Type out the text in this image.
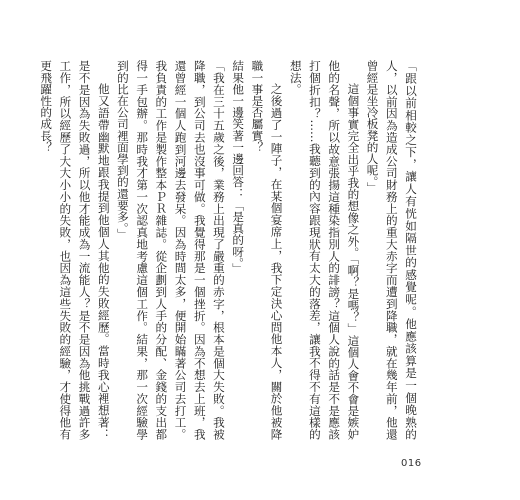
「跟以前相較之下，讓人有恍如隔世的感覺呢。他應該算是一個晚熟的人，以前因為造成公司財務上的重大赤字而遭到降職，就在幾年前，他還曾經是坐冷板凳的人呢。」

這個事實完全出乎我的想像之外。「啊？是嗎？」這個人會不會是嫉妒他的名聲，所以故意張揚這種染指別人的誹謗？這個人說的話是不是應該打個折扣？……我聽到的內容跟現狀有太大的落差，讓我不得不有這樣的想法。

之後過了一陣子，在某個宴席上，我下定決心問他本人，關於他被降職一事是否屬實？

結果他一邊笑著一邊回答：「是真的呀。」

「我在三十五歲之後，業務上出現了嚴重的赤字，根本是個大失敗。我被降職，到公司去也沒事可做。我覺得那是一個挫折。因為不想去上班，我還曾經一個人跑到河邊去發呆。因為時間太多，便開始瞞著公司去打工。我負責的工作是製作整本ＰＲ雜誌。從企劃到人手的分配、金錢的支出都得一手包辦。那時我才第一次認真地考慮這個工作。結果，那一次經驗學到的比在公司裡面學到的還要多。」

他又語帶幽默地跟我提到他個人其他的失敗經歷。當時我心裡想著：是不是因為失敗過，所以他才能成為一流能人？是不是因為他挑戰過許多工作，所以經歷了大大小小的失敗，也因為這些失敗的經驗，才使得他有更飛躍性的成長？

016
